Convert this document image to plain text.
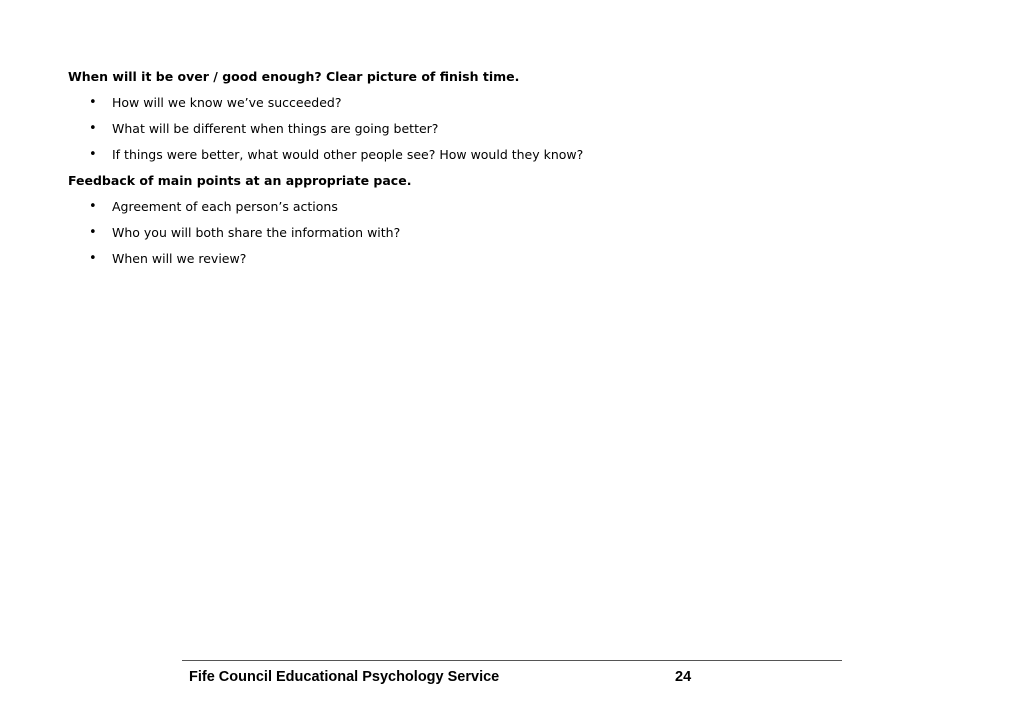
When will it be over / good enough? Clear picture of finish time.

• How will we know we’ve succeeded?
• What will be different when things are going better?
• If things were better, what would other people see? How would they know?

Feedback of main points at an appropriate pace.

• Agreement of each person’s actions
• Who you will both share the information with?
• When will we review?
Fife Council Educational Psychology Service	24
